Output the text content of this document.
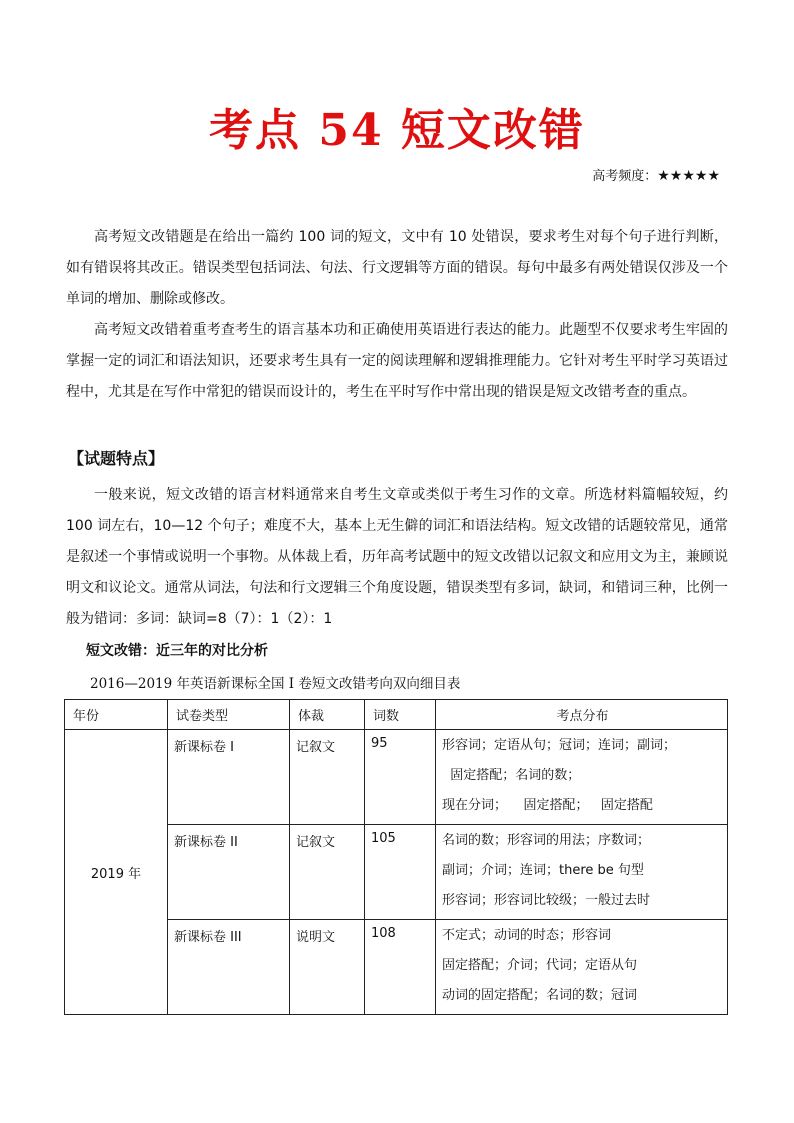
考点 54 短文改错
高考频度：★★★★★

高考短文改错题是在给出一篇约 100 词的短文，文中有 10 处错误，要求考生对每个句子进行判断，如有错误将其改正。错误类型包括词法、句法、行文逻辑等方面的错误。每句中最多有两处错误仅涉及一个单词的增加、删除或修改。

高考短文改错着重考查考生的语言基本功和正确使用英语进行表达的能力。此题型不仅要求考生牢固的掌握一定的词汇和语法知识，还要求考生具有一定的阅读理解和逻辑推理能力。它针对考生平时学习英语过程中，尤其是在写作中常犯的错误而设计的，考生在平时写作中常出现的错误是短文改错考查的重点。

【试题特点】

一般来说，短文改错的语言材料通常来自考生文章或类似于考生习作的文章。所选材料篇幅较短，约 100 词左右，10—12 个句子；难度不大，基本上无生僻的词汇和语法结构。短文改错的话题较常见，通常是叙述一个事情或说明一个事物。从体裁上看，历年高考试题中的短文改错以记叙文和应用文为主，兼顾说明文和议论文。通常从词法，句法和行文逻辑三个角度设题，错误类型有多词，缺词，和错词三种，比例一般为错词：多词：缺词=8（7）：1（2）：1

短文改错：近三年的对比分析
2016—2019 年英语新课标全国 I 卷短文改错考向双向细目表
年份	试卷类型	体裁	词数	考点分布
2019 年	新课标卷 I	记叙文	95	形容词；定语从句；冠词；连词；副词；
固定搭配；名词的数；
现在分词；    固定搭配；   固定搭配

	新课标卷 II	记叙文	105	名词的数；形容词的用法；序数词；
副词；介词；连词；there be 句型
形容词；形容词比较级；一般过去时

	新课标卷 III	说明文	108	不定式；动词的时态；形容词
固定搭配；介词；代词；定语从句
动词的固定搭配；名词的数；冠词
